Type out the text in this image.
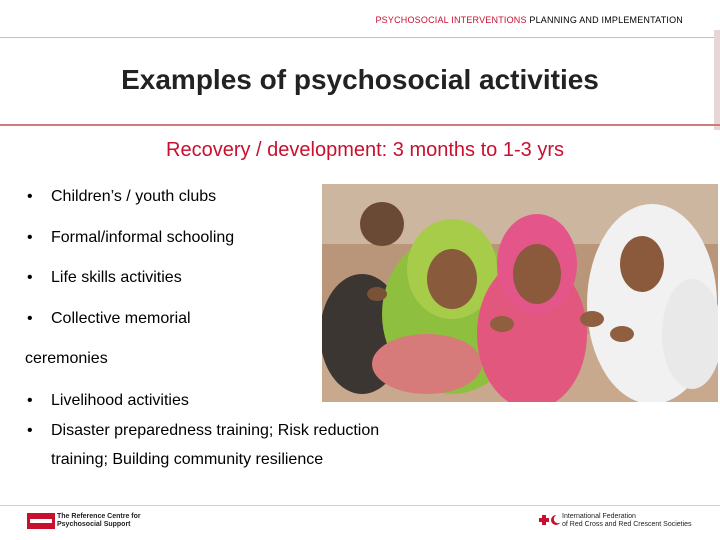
PSYCHOSOCIAL INTERVENTIONS PLANNING AND IMPLEMENTATION
Examples of psychosocial activities
Recovery / development: 3 months to 1-3 yrs
• Children’s / youth clubs
• Formal/informal schooling
• Life skills activities
• Collective memorial
ceremonies
• Livelihood activities
• Disaster preparedness training; Risk reduction
training; Building community resilience
The Reference Centre for
Psychosocial Support
International Federation
of Red Cross and Red Crescent Societies
